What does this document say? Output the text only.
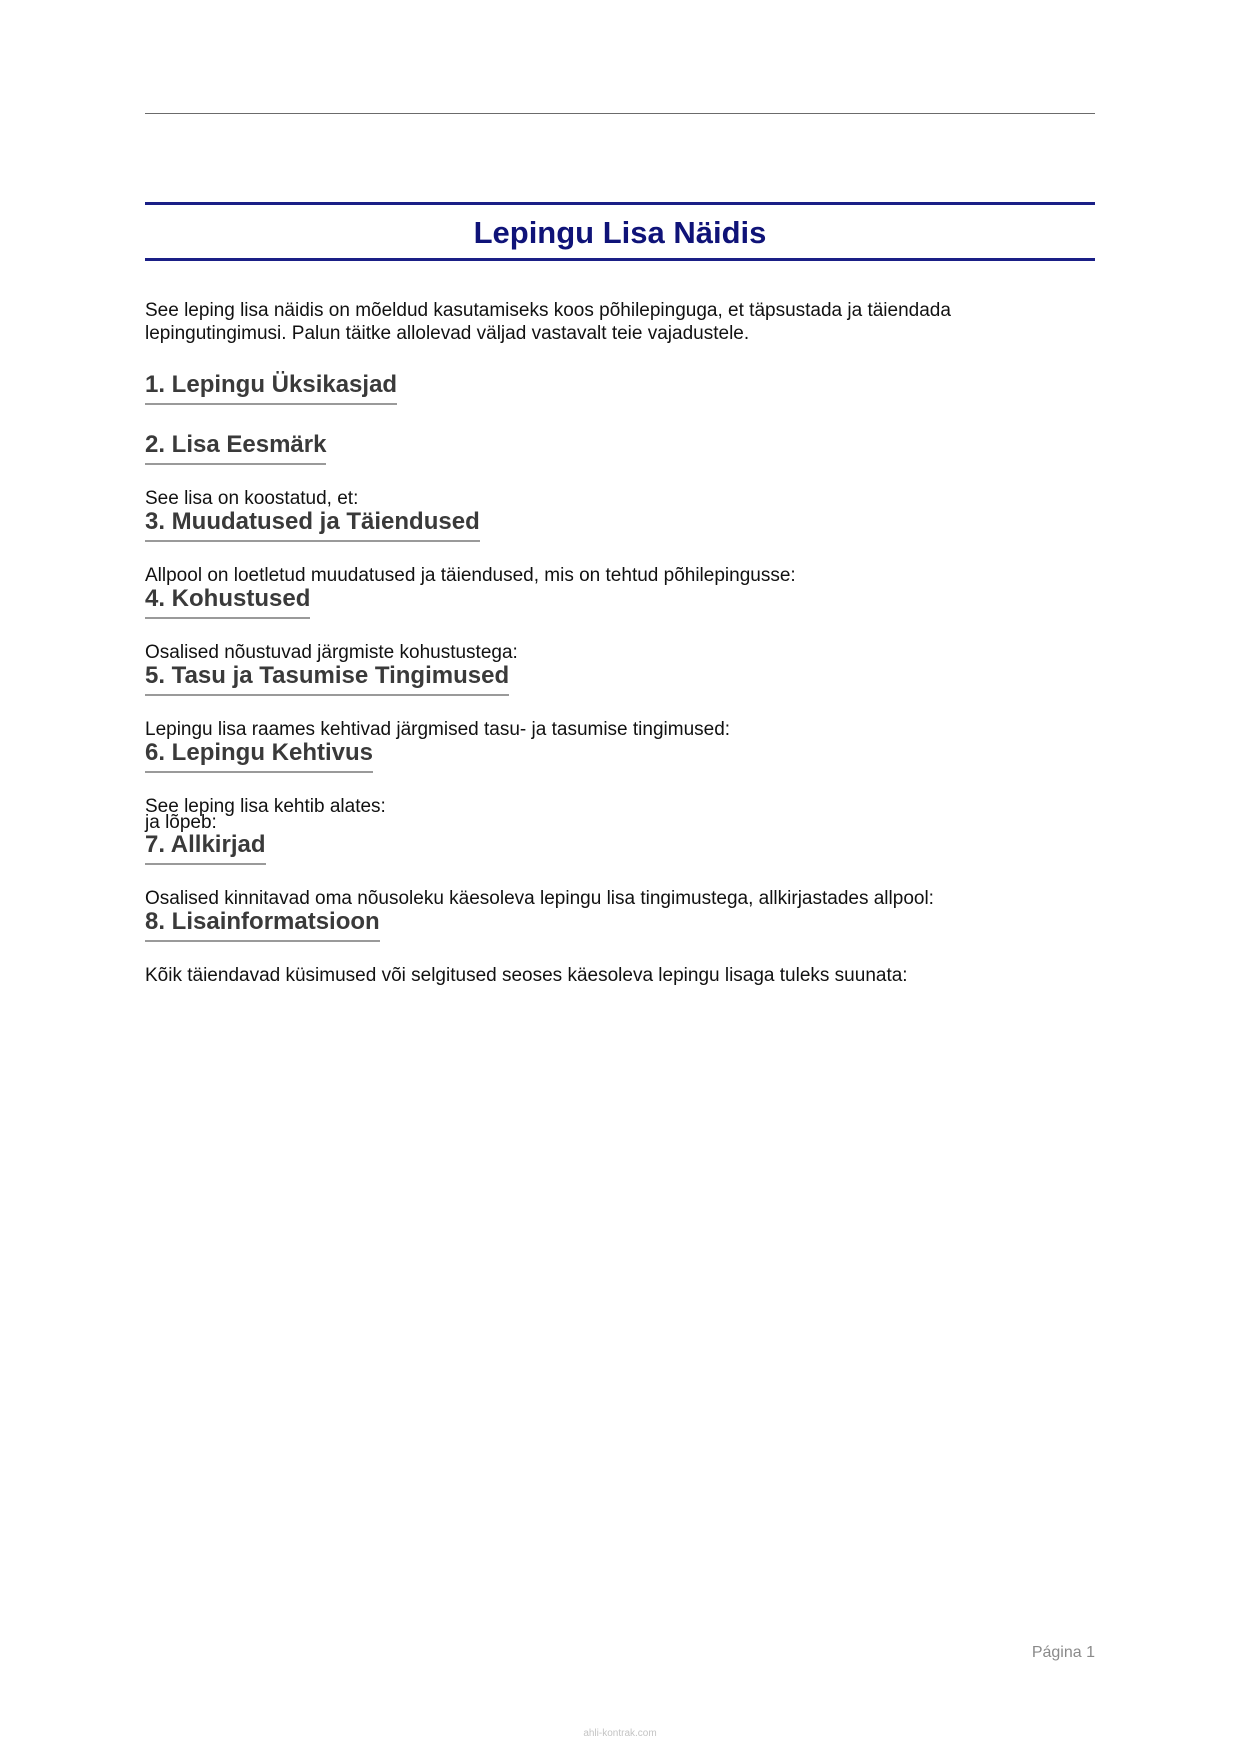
Lepingu Lisa Näidis
See leping lisa näidis on mõeldud kasutamiseks koos põhilepinguga, et täpsustada ja täiendada
lepingutingimusi. Palun täitke allolevad väljad vastavalt teie vajadustele.
1. Lepingu Üksikasjad
2. Lisa Eesmärk
See lisa on koostatud, et:
3. Muudatused ja Täiendused
Allpool on loetletud muudatused ja täiendused, mis on tehtud põhilepingusse:
4. Kohustused
Osalised nõustuvad järgmiste kohustustega:
5. Tasu ja Tasumise Tingimused
Lepingu lisa raames kehtivad järgmised tasu- ja tasumise tingimused:
6. Lepingu Kehtivus
See leping lisa kehtib alates:
ja lõpeb:
7. Allkirjad
Osalised kinnitavad oma nõusoleku käesoleva lepingu lisa tingimustega, allkirjastades allpool:
8. Lisainformatsioon
Kõik täiendavad küsimused või selgitused seoses käesoleva lepingu lisaga tuleks suunata:
Página 1
ahli-kontrak.com
